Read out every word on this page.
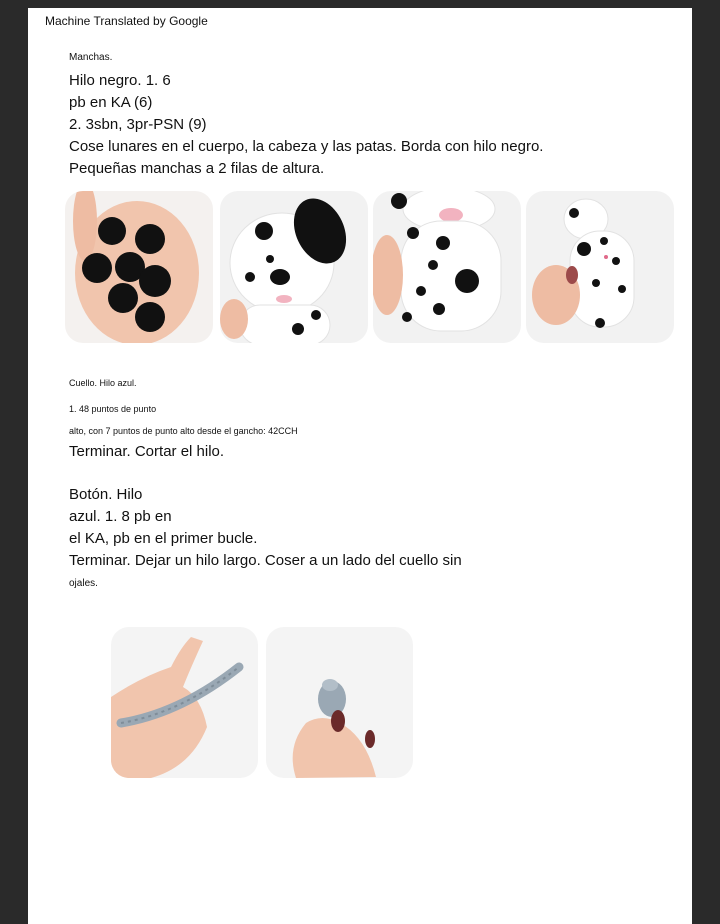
Machine Translated by Google
Manchas.
Hilo negro. 1. 6
pb en KA (6)
2. 3sbn, 3pr-PSN (9)
Cose lunares en el cuerpo, la cabeza y las patas. Borda con hilo negro.
Pequeñas manchas a 2 filas de altura.
Cuello. Hilo azul.
1. 48 puntos de punto
alto, con 7 puntos de punto alto desde el gancho: 42CCH
Terminar. Cortar el hilo.
Botón. Hilo
azul. 1. 8 pb en
el KA, pb en el primer bucle.
Terminar. Dejar un hilo largo. Coser a un lado del cuello sin
ojales.
